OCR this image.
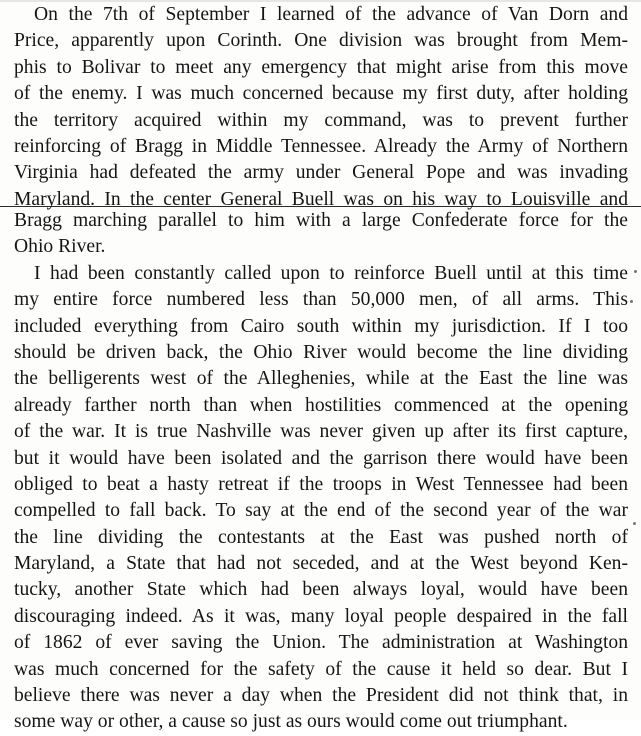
On the 7th of September I learned of the advance of Van Dorn and
Price, apparently upon Corinth. One division was brought from Mem-
phis to Bolivar to meet any emergency that might arise from this move
of the enemy. I was much concerned because my first duty, after holding
the territory acquired within my command, was to prevent further
reinforcing of Bragg in Middle Tennessee. Already the Army of Northern
Virginia had defeated the army under General Pope and was invading
Maryland. In the center General Buell was on his way to Louisville and
Bragg marching parallel to him with a large Confederate force for the
Ohio River.
I had been constantly called upon to reinforce Buell until at this time
my entire force numbered less than 50,000 men, of all arms. This
included everything from Cairo south within my jurisdiction. If I too
should be driven back, the Ohio River would become the line dividing
the belligerents west of the Alleghenies, while at the East the line was
already farther north than when hostilities commenced at the opening
of the war. It is true Nashville was never given up after its first capture,
but it would have been isolated and the garrison there would have been
obliged to beat a hasty retreat if the troops in West Tennessee had been
compelled to fall back. To say at the end of the second year of the war
the line dividing the contestants at the East was pushed north of
Maryland, a State that had not seceded, and at the West beyond Ken-
tucky, another State which had been always loyal, would have been
discouraging indeed. As it was, many loyal people despaired in the fall
of 1862 of ever saving the Union. The administration at Washington
was much concerned for the safety of the cause it held so dear. But I
believe there was never a day when the President did not think that, in
some way or other, a cause so just as ours would come out triumphant.
